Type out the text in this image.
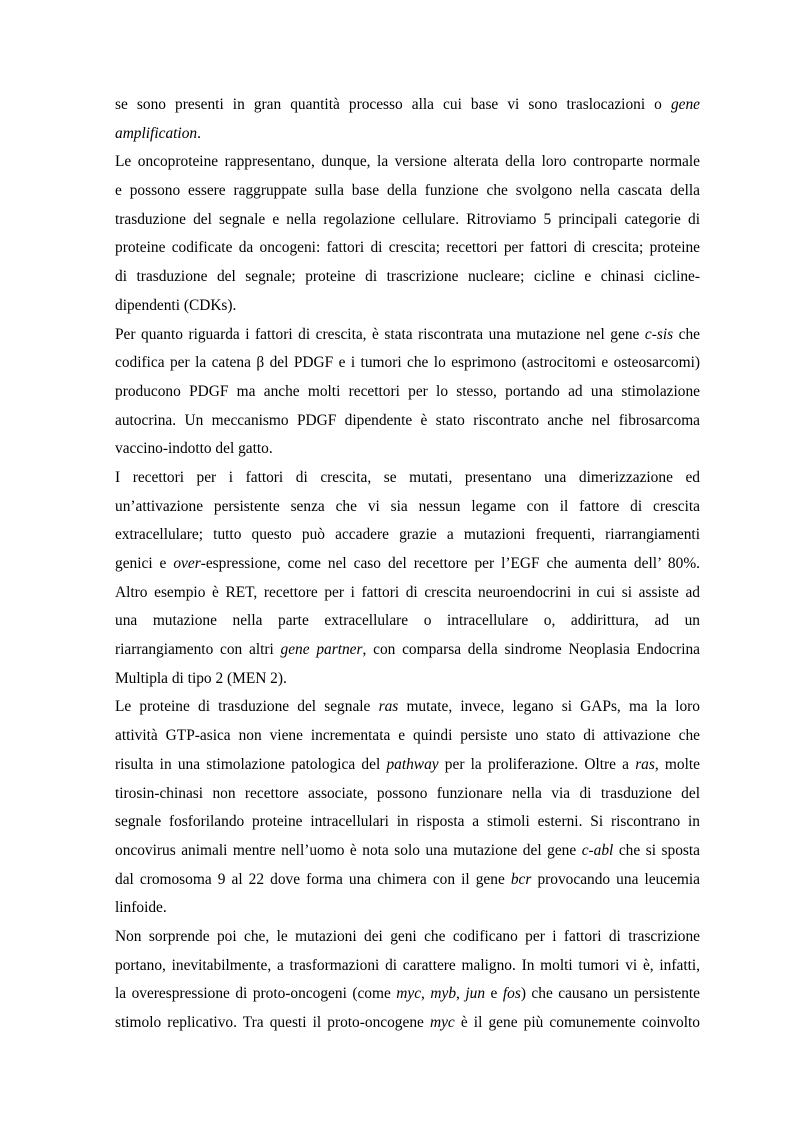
se sono presenti in gran quantità processo alla cui base vi sono traslocazioni o gene
amplification.
Le oncoproteine rappresentano, dunque, la versione alterata della loro controparte normale
e possono essere raggruppate sulla base della funzione che svolgono nella cascata della
trasduzione del segnale e nella regolazione cellulare. Ritroviamo 5 principali categorie di
proteine codificate da oncogeni: fattori di crescita; recettori per fattori di crescita; proteine
di trasduzione del segnale; proteine di trascrizione nucleare; cicline e chinasi cicline-
dipendenti (CDKs).
Per quanto riguarda i fattori di crescita, è stata riscontrata una mutazione nel gene c-sis che
codifica per la catena β del PDGF e i tumori che lo esprimono (astrocitomi e osteosarcomi)
producono PDGF ma anche molti recettori per lo stesso, portando ad una stimolazione
autocrina. Un meccanismo PDGF dipendente è stato riscontrato anche nel fibrosarcoma
vaccino-indotto del gatto.
I recettori per i fattori di crescita, se mutati, presentano una dimerizzazione ed
un’attivazione persistente senza che vi sia nessun legame con il fattore di crescita
extracellulare; tutto questo può accadere grazie a mutazioni frequenti, riarrangiamenti
genici e over-espressione, come nel caso del recettore per l’EGF che aumenta dell’ 80%.
Altro esempio è RET, recettore per i fattori di crescita neuroendocrini in cui si assiste ad
una mutazione nella parte extracellulare o intracellulare o, addirittura, ad un
riarrangiamento con altri gene partner, con comparsa della sindrome Neoplasia Endocrina
Multipla di tipo 2 (MEN 2).
Le proteine di trasduzione del segnale ras mutate, invece, legano si GAPs, ma la loro
attività GTP-asica non viene incrementata e quindi persiste uno stato di attivazione che
risulta in una stimolazione patologica del pathway per la proliferazione. Oltre a ras, molte
tirosin-chinasi non recettore associate, possono funzionare nella via di trasduzione del
segnale fosforilando proteine intracellulari in risposta a stimoli esterni. Si riscontrano in
oncovirus animali mentre nell’uomo è nota solo una mutazione del gene c-abl che si sposta
dal cromosoma 9 al 22 dove forma una chimera con il gene bcr provocando una leucemia
linfoide.
Non sorprende poi che, le mutazioni dei geni che codificano per i fattori di trascrizione
portano, inevitabilmente, a trasformazioni di carattere maligno. In molti tumori vi è, infatti,
la overespressione di proto-oncogeni (come myc, myb, jun e fos) che causano un persistente
stimolo replicativo. Tra questi il proto-oncogene myc è il gene più comunemente coinvolto
